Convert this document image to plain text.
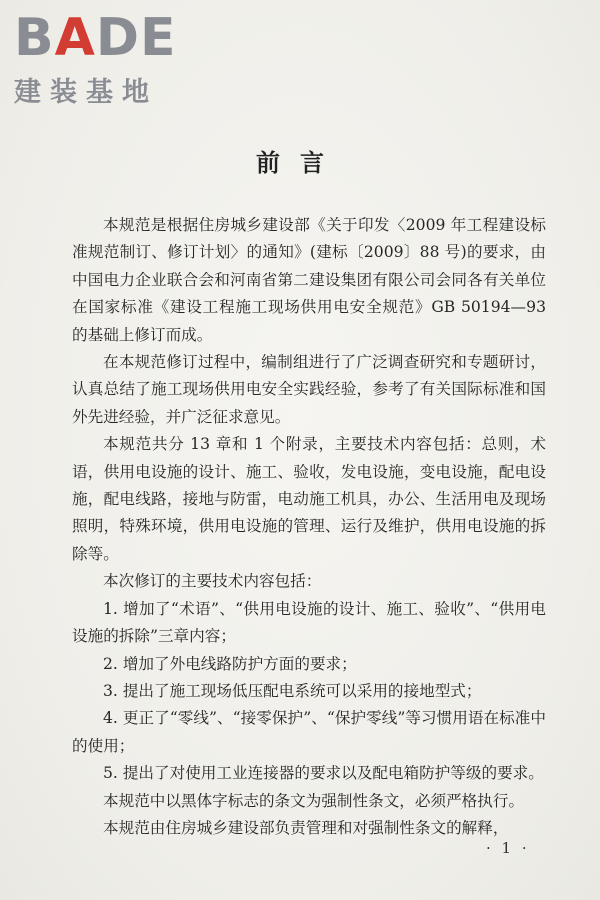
BADE
建装基地
前言

本规范是根据住房城乡建设部《关于印发〈2009 年工程建设标准规范制订、修订计划〉的通知》(建标〔2009〕88 号)的要求，由中国电力企业联合会和河南省第二建设集团有限公司会同各有关单位在国家标准《建设工程施工现场供用电安全规范》GB 50194—93 的基础上修订而成。

在本规范修订过程中，编制组进行了广泛调查研究和专题研讨，认真总结了施工现场供用电安全实践经验，参考了有关国际标准和国外先进经验，并广泛征求意见。

本规范共分 13 章和 1 个附录，主要技术内容包括：总则，术语，供用电设施的设计、施工、验收，发电设施，变电设施，配电设施，配电线路，接地与防雷，电动施工机具，办公、生活用电及现场照明，特殊环境，供用电设施的管理、运行及维护，供用电设施的拆除等。

本次修订的主要技术内容包括：

1. 增加了“术语”、“供用电设施的设计、施工、验收”、“供用电设施的拆除”三章内容；

2. 增加了外电线路防护方面的要求；

3. 提出了施工现场低压配电系统可以采用的接地型式；

4. 更正了“零线”、“接零保护”、“保护零线”等习惯用语在标准中的使用；

5. 提出了对使用工业连接器的要求以及配电箱防护等级的要求。

本规范中以黑体字标志的条文为强制性条文，必须严格执行。

本规范由住房城乡建设部负责管理和对强制性条文的解释，

· 1 ·
